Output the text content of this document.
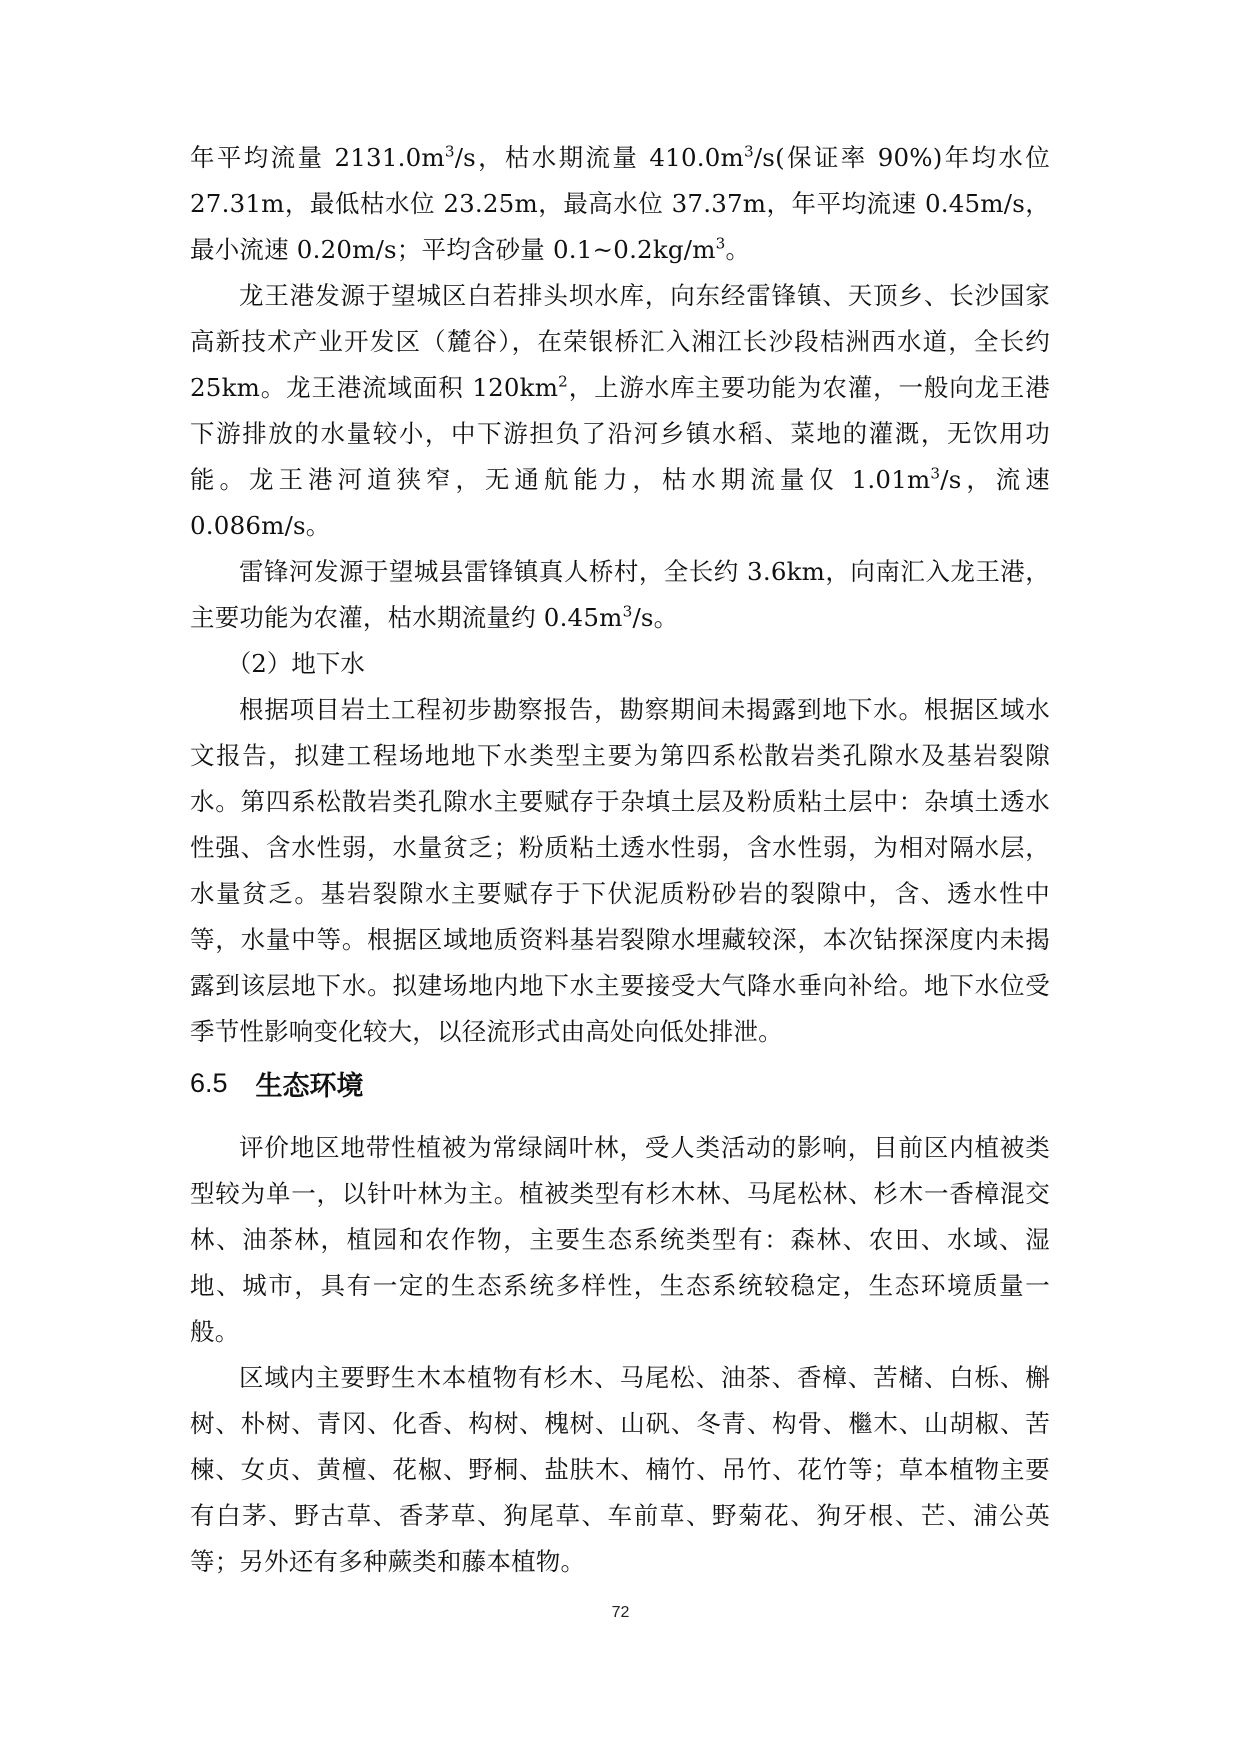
年平均流量 $2131.0m^3/s$，枯水期流量 $410.0m^3/s$(保证率 90%)年均水位 27.31m，最低枯水位 23.25m，最高水位 37.37m，年平均流速 0.45m/s，最小流速 0.20m/s；平均含砂量 $0.1\sim 0.2kg/m^3$。

龙王港发源于望城区白若排头坝水库，向东经雷锋镇、天顶乡、长沙国家高新技术产业开发区（麓谷），在荣银桥汇入湘江长沙段桔洲西水道，全长约 25km。龙王港流域面积 $120km^2$，上游水库主要功能为农灌，一般向龙王港下游排放的水量较小，中下游担负了沿河乡镇水稻、菜地的灌溉，无饮用功能。龙王港河道狭窄，无通航能力，枯水期流量仅 $1.01m^3/s$，流速 0.086m/s。

雷锋河发源于望城县雷锋镇真人桥村，全长约 3.6km，向南汇入龙王港，主要功能为农灌，枯水期流量约 $0.45m^3/s$。

（2）地下水

根据项目岩土工程初步勘察报告，勘察期间未揭露到地下水。根据区域水文报告，拟建工程场地地下水类型主要为第四系松散岩类孔隙水及基岩裂隙水。第四系松散岩类孔隙水主要赋存于杂填土层及粉质粘土层中：杂填土透水性强、含水性弱，水量贫乏；粉质粘土透水性弱，含水性弱，为相对隔水层，水量贫乏。基岩裂隙水主要赋存于下伏泥质粉砂岩的裂隙中，含、透水性中等，水量中等。根据区域地质资料基岩裂隙水埋藏较深，本次钻探深度内未揭露到该层地下水。拟建场地内地下水主要接受大气降水垂向补给。地下水位受季节性影响变化较大，以径流形式由高处向低处排泄。

6.5 生态环境

评价地区地带性植被为常绿阔叶林，受人类活动的影响，目前区内植被类型较为单一，以针叶林为主。植被类型有杉木林、马尾松林、杉木一香樟混交林、油茶林，植园和农作物，主要生态系统类型有：森林、农田、水域、湿地、城市，具有一定的生态系统多样性，生态系统较稳定，生态环境质量一般。

区域内主要野生木本植物有杉木、马尾松、油茶、香樟、苦槠、白栎、槲树、朴树、青冈、化香、构树、槐树、山矾、冬青、构骨、檵木、山胡椒、苦楝、女贞、黄檀、花椒、野桐、盐肤木、楠竹、吊竹、花竹等；草本植物主要有白茅、野古草、香茅草、狗尾草、车前草、野菊花、狗牙根、芒、浦公英等；另外还有多种蕨类和藤本植物。

72
